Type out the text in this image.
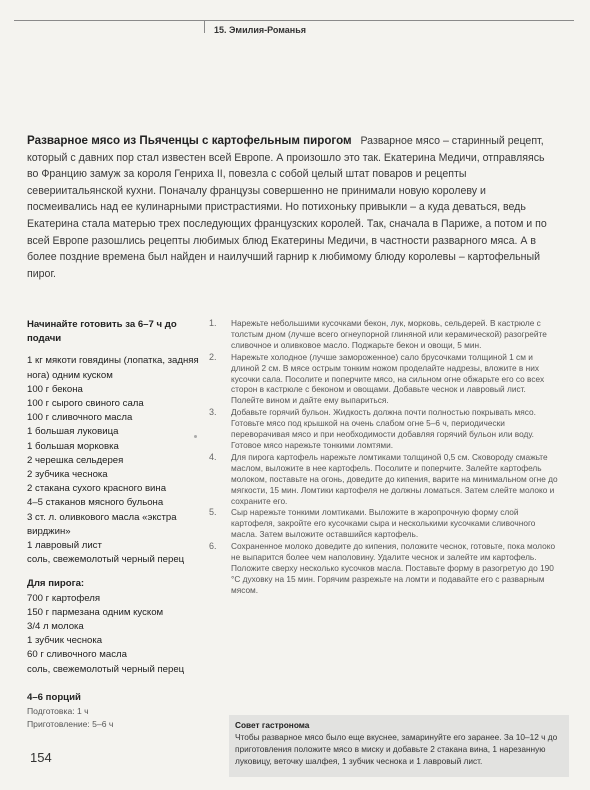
15. Эмилия-Романья
Разварное мясо из Пьяченцы с картофельным пирогом Разварное мясо – старинный рецепт, который с давних пор стал известен всей Европе. А произошло это так. Екатерина Медичи, отправляясь во Францию замуж за короля Генриха II, повезла с собой целый штат поваров и рецепты севериитальянской кухни. Поначалу французы совершенно не принимали новую королеву и посмеивались над ее кулинарными пристрастиями. Но потихоньку привыкли – а куда деваться, ведь Екатерина стала матерью трех последующих французских королей. Так, сначала в Париже, а потом и по всей Европе разошлись рецепты любимых блюд Екатерины Медичи, в частности разварного мяса. А в более поздние времена был найден и наилучший гарнир к любимому блюду королевы – картофельный пирог.
Начинайте готовить за 6–7 ч до подачи
1 кг мякоти говядины (лопатка, задняя нога) одним куском
100 г бекона
100 г сырого свиного сала
100 г сливочного масла
1 большая луковица
1 большая морковка
2 черешка сельдерея
2 зубчика чеснока
2 стакана сухого красного вина
4–5 стаканов мясного бульона
3 ст. л. оливкового масла «экстра вирджин»
1 лавровый лист
соль, свежемолотый черный перец
Для пирога:
700 г картофеля
150 г пармезана одним куском
3/4 л молока
1 зубчик чеснока
60 г сливочного масла
соль, свежемолотый черный перец
4–6 порций
Подготовка: 1 ч
Приготовление: 5–6 ч
1. Нарежьте небольшими кусочками бекон, лук, морковь, сельдерей. В кастрюле с толстым дном (лучше всего огнеупорной глиняной или керамической) разогрейте сливочное и оливковое масло. Поджарьте бекон и овощи, 5 мин.
2. Нарежьте холодное (лучше замороженное) сало брусочками толщиной 1 см и длиной 2 см. В мясе острым тонким ножом проделайте надрезы, вложите в них кусочки сала. Посолите и поперчите мясо, на сильном огне обжарьте его со всех сторон в кастрюле с беконом и овощами. Добавьте чеснок и лавровый лист. Полейте вином и дайте ему выпариться.
3. Добавьте горячий бульон. Жидкость должна почти полностью покрывать мясо. Готовьте мясо под крышкой на очень слабом огне 5–6 ч, периодически переворачивая мясо и при необходимости добавляя горячий бульон или воду. Готовое мясо нарежьте тонкими ломтями.
4. Для пирога картофель нарежьте ломтиками толщиной 0,5 см. Сковороду смажьте маслом, выложите в нее картофель. Посолите и поперчите. Залейте картофель молоком, поставьте на огонь, доведите до кипения, варите на минимальном огне до мягкости, 15 мин. Ломтики картофеля не должны ломаться. Затем слейте молоко и сохраните его.
5. Сыр нарежьте тонкими ломтиками. Выложите в жаропрочную форму слой картофеля, закройте его кусочками сыра и несколькими кусочками сливочного масла. Затем выложите оставшийся картофель.
6. Сохраненное молоко доведите до кипения, положите чеснок, готовьте, пока молоко не выпарится более чем наполовину. Удалите чеснок и залейте им картофель. Положите сверху несколько кусочков масла. Поставьте форму в разогретую до 190 °C духовку на 15 мин. Горячим разрежьте на ломти и подавайте его с разварным мясом.
Совет гастронома
Чтобы разварное мясо было еще вкуснее, замаринуйте его заранее. За 10–12 ч до приготовления положите мясо в миску и добавьте 2 стакана вина, 1 нарезанную луковицу, веточку шалфея, 1 зубчик чеснока и 1 лавровый лист.
154
